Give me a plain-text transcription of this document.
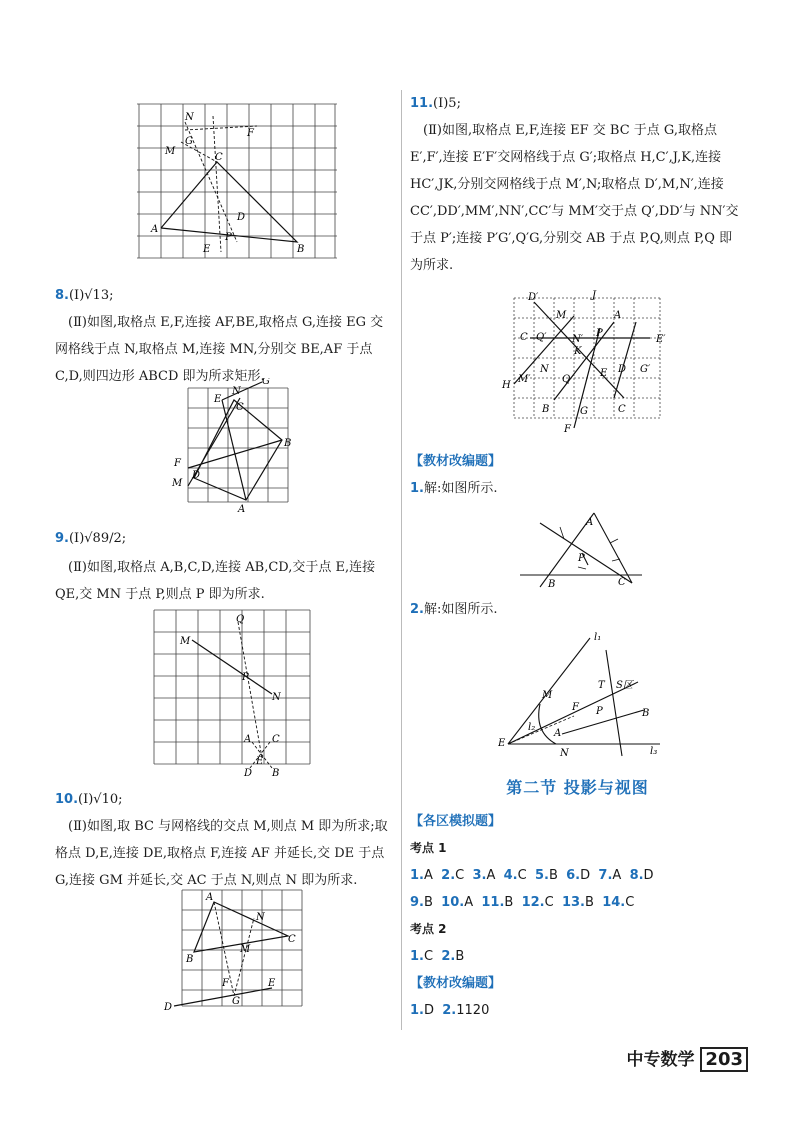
N
G
M
F
C
D
A
P
E	B

8.(Ⅰ)√13;

(Ⅱ)如图,取格点 E,F,连接 AF,BE,取格点 G,连接 EG 交网格线于点 N,取格点 M,连接 MN,分别交 BE,AF 于点 C,D,则四边形 ABCD 即为所求矩形.

G
N
E
C
B
F
D
M
A

9.(Ⅰ)√89/2;

(Ⅱ)如图,取格点 A,B,C,D,连接 AB,CD,交于点 E,连接 QE,交 MN 于点 P,则点 P 即为所求.

Q
M
P
N
A C
E
D B

10.(Ⅰ)√10;

(Ⅱ)如图,取 BC 与网格线的交点 M,则点 M 即为所求;取格点 D,E,连接 DE,取格点 F,连接 AF 并延长,交 DE 于点 G,连接 GM 并延长,交 AC 于点 N,则点 N 即为所求.

A
N
C
M
B
F	E
G
D

11.(Ⅰ)5;

(Ⅱ)如图,取格点 E,F,连接 EF 交 BC 于点 G,取格点 E′,F′,连接 E′F′交网格线于点 G′;取格点 H,C′,J,K,连接 HC′,JK,分别交网格线于点 M′,N;取格点 D′,M,N′,连接 CC′,DD′,MM′,NN′,CC′与 MM′交于点 Q′,DD′与 NN′交于点 P′;连接 P′G′,Q′G,分别交 AB 于点 P,Q,则点 P,Q 即为所求.

D′	J
M	A
C Q′	N′
P
K
E′
H
N
Q
E D G′
M′
B	G	C
F

【教材改编题】

1.解:如图所示.

A
P
B	C

2.解:如图所示.

l₁
M
T S区
F P	B
l₂
A
N
E
l₃
第二节 投影与视图

【各区模拟题】

考点 1

1.A 2.C 3.A 4.C 5.B 6.D 7.A 8.D

9.B 10.A 11.B 12.C 13.B 14.C

考点 2

1.C 2.B

【教材改编题】

1.D 2.1120

中专数学 203
